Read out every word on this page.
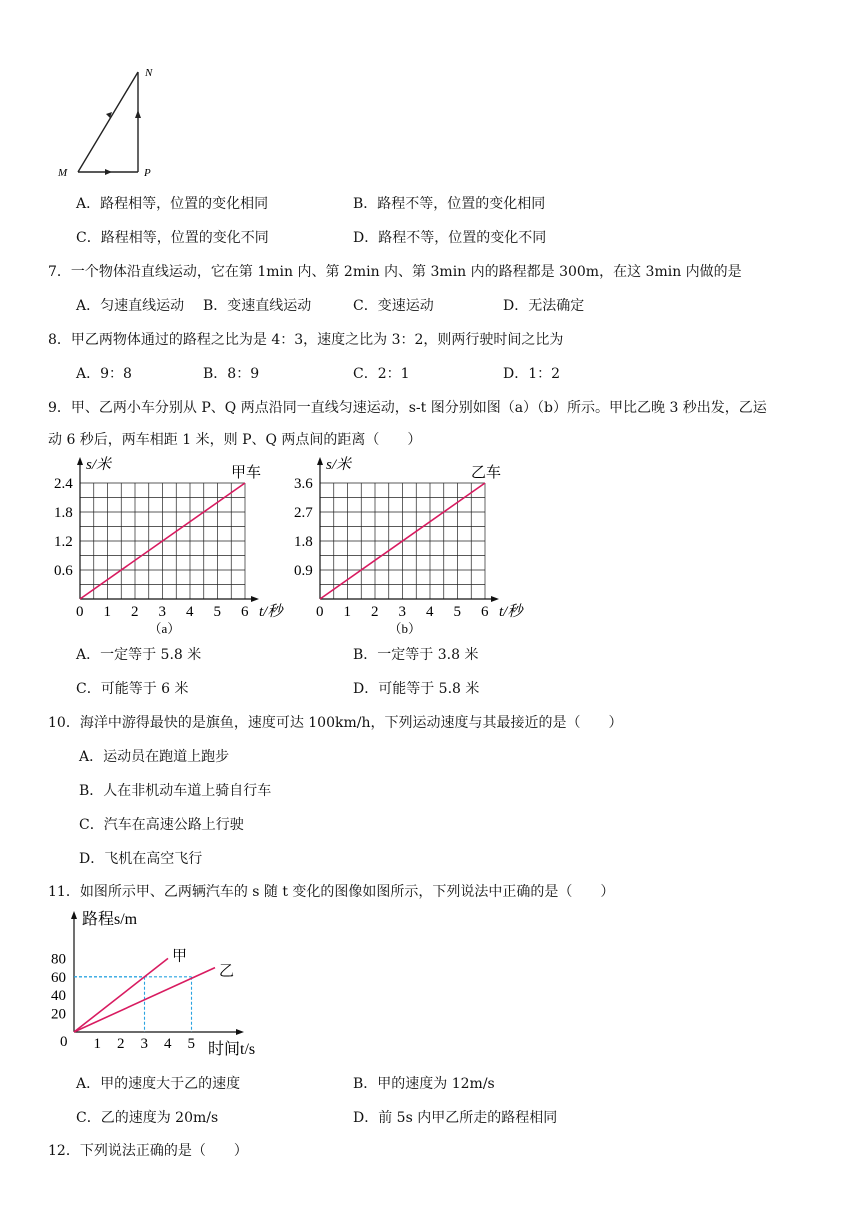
N
M	P
A．路程相等，位置的变化相同	B．路程不等，位置的变化相同
C．路程相等，位置的变化不同	D．路程不等，位置的变化不同
7．一个物体沿直线运动，它在第 1min 内、第 2min 内、第 3min 内的路程都是 300m，在这 3min 内做的是
A．匀速直线运动 B．变速直线运动	C．变速运动	D．无法确定
8．甲乙两物体通过的路程之比为是 4：3，速度之比为 3：2，则两行驶时间之比为
A．9：8	B．8：9	C．2：1	D．1：2
9．甲、乙两小车分别从 P、Q 两点沿同一直线匀速运动，s-t 图分别如图（a）（b）所示。甲比乙晚 3 秒出发，乙运
动 6 秒后，两车相距 1 米，则 P、Q 两点间的距离（　　）
0 1 2 3 4 5 6
0.6
1.2
1.8
2.4
s/米
t/秒
（a）
甲车
0 1 2 3 4 5 6
0.9
1.8
2.7
3.6
s/米
t/秒
（b）
乙车
A．一定等于 5.8 米	B．一定等于 3.8 米
C．可能等于 6 米	D．可能等于 5.8 米
10．海洋中游得最快的是旗鱼，速度可达 100km/h，下列运动速度与其最接近的是（　　）
A．运动员在跑道上跑步
B．人在非机动车道上骑自行车
C．汽车在高速公路上行驶
D．飞机在高空飞行
11．如图所示甲、乙两辆汽车的 s 随 t 变化的图像如图所示，下列说法中正确的是（　　）
路程s/m
时间t/s
0 1 2 3 4 5
20
40
60
80	甲
乙
A．甲的速度大于乙的速度	B．甲的速度为 12m/s
C．乙的速度为 20m/s	D．前 5s 内甲乙所走的路程相同
12．下列说法正确的是（　　）
